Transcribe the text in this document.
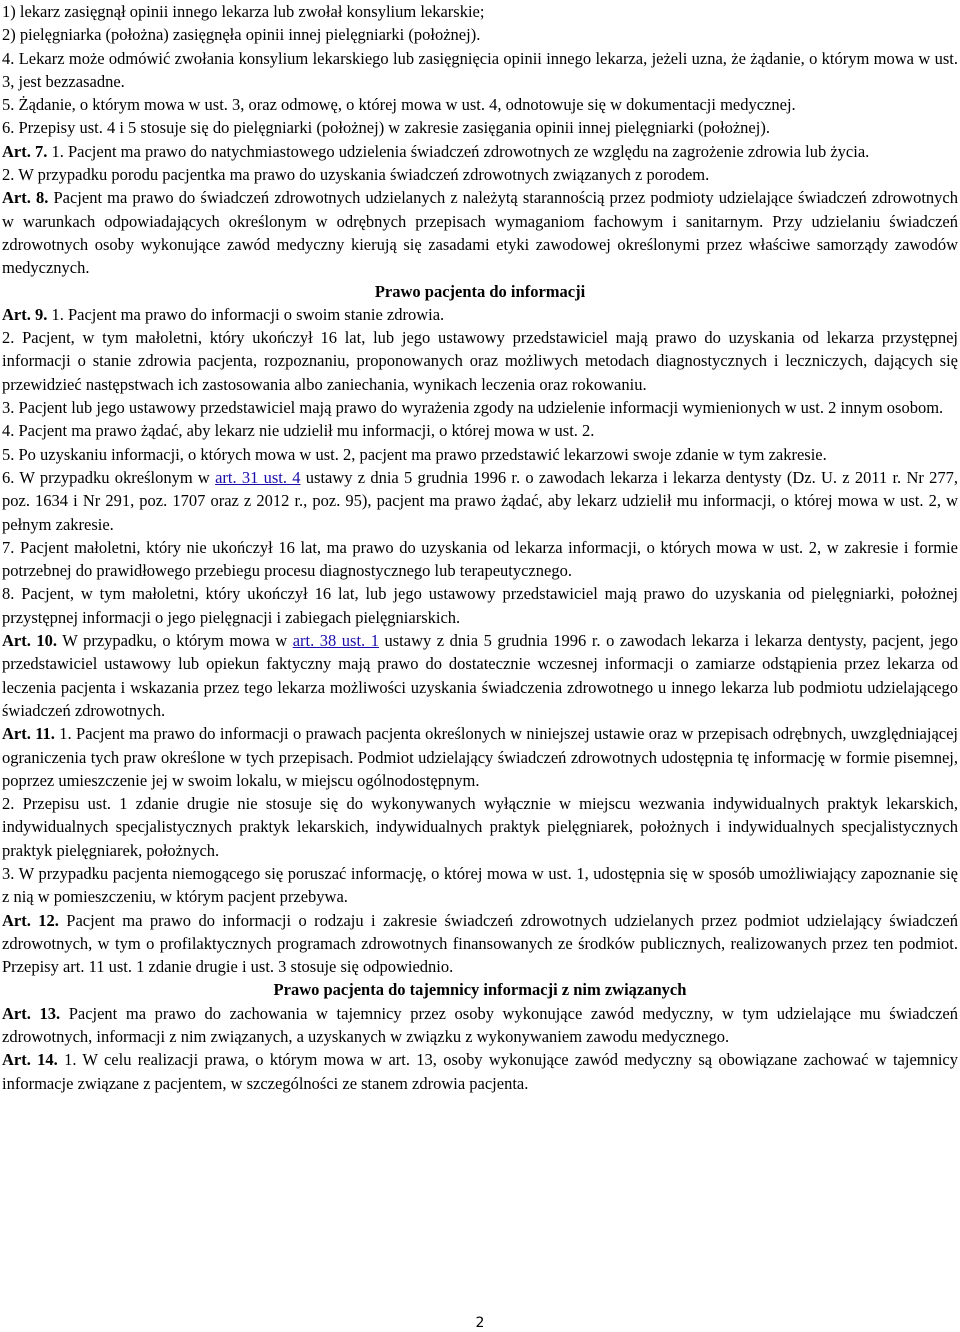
1) lekarz zasięgnął opinii innego lekarza lub zwołał konsylium lekarskie;

2) pielęgniarka (położna) zasięgnęła opinii innej pielęgniarki (położnej).

4. Lekarz może odmówić zwołania konsylium lekarskiego lub zasięgnięcia opinii innego lekarza, jeżeli uzna, że żądanie, o którym mowa w ust. 3, jest bezzasadne.

5. Żądanie, o którym mowa w ust. 3, oraz odmowę, o której mowa w ust. 4, odnotowuje się w dokumentacji medycznej.

6. Przepisy ust. 4 i 5 stosuje się do pielęgniarki (położnej) w zakresie zasięgania opinii innej pielęgniarki (położnej).

Art. 7. 1. Pacjent ma prawo do natychmiastowego udzielenia świadczeń zdrowotnych ze względu na zagrożenie zdrowia lub życia.

2. W przypadku porodu pacjentka ma prawo do uzyskania świadczeń zdrowotnych związanych z porodem.

Art. 8. Pacjent ma prawo do świadczeń zdrowotnych udzielanych z należytą starannością przez podmioty udzielające świadczeń zdrowotnych w warunkach odpowiadających określonym w odrębnych przepisach wymaganiom fachowym i sanitarnym. Przy udzielaniu świadczeń zdrowotnych osoby wykonujące zawód medyczny kierują się zasadami etyki zawodowej określonymi przez właściwe samorządy zawodów medycznych.

Prawo pacjenta do informacji

Art. 9. 1. Pacjent ma prawo do informacji o swoim stanie zdrowia.

2. Pacjent, w tym małoletni, który ukończył 16 lat, lub jego ustawowy przedstawiciel mają prawo do uzyskania od lekarza przystępnej informacji o stanie zdrowia pacjenta, rozpoznaniu, proponowanych oraz możliwych metodach diagnostycznych i leczniczych, dających się przewidzieć następstwach ich zastosowania albo zaniechania, wynikach leczenia oraz rokowaniu.

3. Pacjent lub jego ustawowy przedstawiciel mają prawo do wyrażenia zgody na udzielenie informacji wymienionych w ust. 2 innym osobom.

4. Pacjent ma prawo żądać, aby lekarz nie udzielił mu informacji, o której mowa w ust. 2.

5. Po uzyskaniu informacji, o których mowa w ust. 2, pacjent ma prawo przedstawić lekarzowi swoje zdanie w tym zakresie.

6. W przypadku określonym w art. 31 ust. 4 ustawy z dnia 5 grudnia 1996 r. o zawodach lekarza i lekarza dentysty (Dz. U. z 2011 r. Nr 277, poz. 1634 i Nr 291, poz. 1707 oraz z 2012 r., poz. 95), pacjent ma prawo żądać, aby lekarz udzielił mu informacji, o której mowa w ust. 2, w pełnym zakresie.

7. Pacjent małoletni, który nie ukończył 16 lat, ma prawo do uzyskania od lekarza informacji, o których mowa w ust. 2, w zakresie i formie potrzebnej do prawidłowego przebiegu procesu diagnostycznego lub terapeutycznego.

8. Pacjent, w tym małoletni, który ukończył 16 lat, lub jego ustawowy przedstawiciel mają prawo do uzyskania od pielęgniarki, położnej przystępnej informacji o jego pielęgnacji i zabiegach pielęgniarskich.

Art. 10. W przypadku, o którym mowa w art. 38 ust. 1 ustawy z dnia 5 grudnia 1996 r. o zawodach lekarza i lekarza dentysty, pacjent, jego przedstawiciel ustawowy lub opiekun faktyczny mają prawo do dostatecznie wczesnej informacji o zamiarze odstąpienia przez lekarza od leczenia pacjenta i wskazania przez tego lekarza możliwości uzyskania świadczenia zdrowotnego u innego lekarza lub podmiotu udzielającego świadczeń zdrowotnych.

Art. 11. 1. Pacjent ma prawo do informacji o prawach pacjenta określonych w niniejszej ustawie oraz w przepisach odrębnych, uwzględniającej ograniczenia tych praw określone w tych przepisach. Podmiot udzielający świadczeń zdrowotnych udostępnia tę informację w formie pisemnej, poprzez umieszczenie jej w swoim lokalu, w miejscu ogólnodostępnym.

2. Przepisu ust. 1 zdanie drugie nie stosuje się do wykonywanych wyłącznie w miejscu wezwania indywidualnych praktyk lekarskich, indywidualnych specjalistycznych praktyk lekarskich, indywidualnych praktyk pielęgniarek, położnych i indywidualnych specjalistycznych praktyk pielęgniarek, położnych.

3. W przypadku pacjenta niemogącego się poruszać informację, o której mowa w ust. 1, udostępnia się w sposób umożliwiający zapoznanie się z nią w pomieszczeniu, w którym pacjent przebywa.

Art. 12. Pacjent ma prawo do informacji o rodzaju i zakresie świadczeń zdrowotnych udzielanych przez podmiot udzielający świadczeń zdrowotnych, w tym o profilaktycznych programach zdrowotnych finansowanych ze środków publicznych, realizowanych przez ten podmiot. Przepisy art. 11 ust. 1 zdanie drugie i ust. 3 stosuje się odpowiednio.

Prawo pacjenta do tajemnicy informacji z nim związanych

Art. 13. Pacjent ma prawo do zachowania w tajemnicy przez osoby wykonujące zawód medyczny, w tym udzielające mu świadczeń zdrowotnych, informacji z nim związanych, a uzyskanych w związku z wykonywaniem zawodu medycznego.

Art. 14. 1. W celu realizacji prawa, o którym mowa w art. 13, osoby wykonujące zawód medyczny są obowiązane zachować w tajemnicy informacje związane z pacjentem, w szczególności ze stanem zdrowia pacjenta.

2
